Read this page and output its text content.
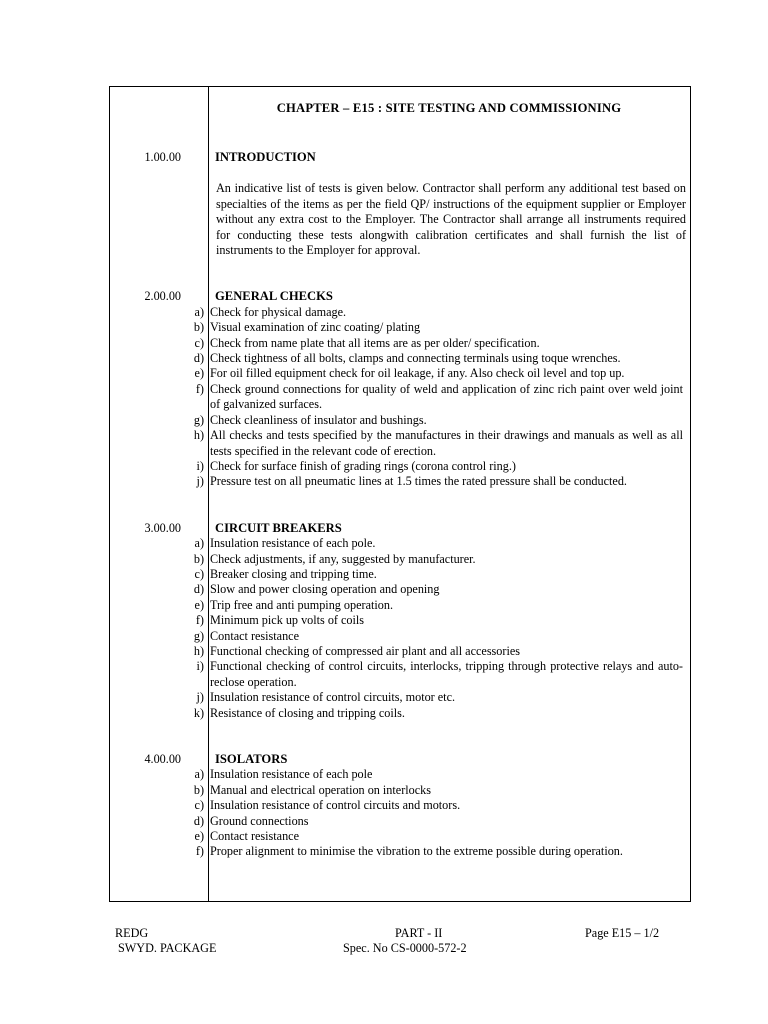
CHAPTER – E15 : SITE TESTING AND COMMISSIONING
1.00.00	INTRODUCTION
An indicative list of tests is given below. Contractor shall perform any additional test based on specialties of the items as per the field QP/ instructions of the equipment supplier or Employer without any extra cost to the Employer. The Contractor shall arrange all instruments required for conducting these tests alongwith calibration certificates and shall furnish the list of instruments to the Employer for approval.
2.00.00	GENERAL CHECKS
a) Check for physical damage.
b) Visual examination of zinc coating/ plating
c) Check from name plate that all items are as per older/ specification.
d) Check tightness of all bolts, clamps and connecting terminals using toque wrenches.
e) For oil filled equipment check for oil leakage, if any. Also check oil level and top up.
f) Check ground connections for quality of weld and application of zinc rich paint over weld joint of galvanized surfaces.
g) Check cleanliness of insulator and bushings.
h) All checks and tests specified by the manufactures in their drawings and manuals as well as all tests specified in the relevant code of erection.
i) Check for surface finish of grading rings (corona control ring.)
j) Pressure test on all pneumatic lines at 1.5 times the rated pressure shall be conducted.
3.00.00	CIRCUIT BREAKERS
a) Insulation resistance of each pole.
b) Check adjustments, if any, suggested by manufacturer.
c) Breaker closing and tripping time.
d) Slow and power closing operation and opening
e) Trip free and anti pumping operation.
f) Minimum pick up volts of coils
g) Contact resistance
h) Functional checking of compressed air plant and all accessories
i) Functional checking of control circuits, interlocks, tripping through protective relays and auto-reclose operation.
j) Insulation resistance of control circuits, motor etc.
k) Resistance of closing and tripping coils.
4.00.00	ISOLATORS
a) Insulation resistance of each pole
b) Manual and electrical operation on interlocks
c) Insulation resistance of control circuits and motors.
d) Ground connections
e) Contact resistance
f) Proper alignment to minimise the vibration to the extreme possible during operation.
REDG
SWYD. PACKAGE
PART - II
Spec. No CS-0000-572-2
Page E15 – 1/2
